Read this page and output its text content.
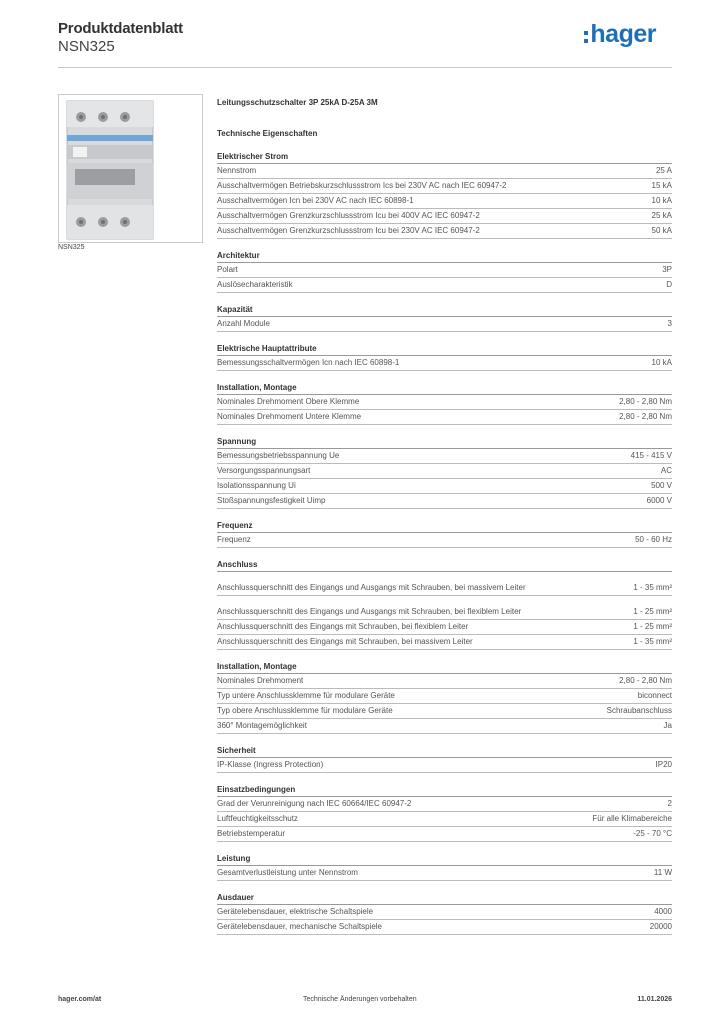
Produktdatenblatt
NSN325	hager
NSN325
Leitungsschutzschalter 3P 25kA D-25A 3M
Technische Eigenschaften
Elektrischer Strom
Nennstrom	25 A
Ausschaltvermögen Betriebskurzschlussstrom Ics bei 230V AC nach IEC 60947-2	15 kA
Ausschaltvermögen Icn bei 230V AC nach IEC 60898-1	10 kA
Ausschaltvermögen Grenzkurzschlussstrom Icu bei 400V AC IEC 60947-2	25 kA
Ausschaltvermögen Grenzkurzschlussstrom Icu bei 230V AC IEC 60947-2	50 kA
Architektur
Polart	3P
Auslösecharakteristik	D
Kapazität
Anzahl Module	3
Elektrische Hauptattribute
Bemessungsschaltvermögen Icn nach IEC 60898-1	10 kA
Installation, Montage
Nominales Drehmoment Obere Klemme	2,80 - 2,80 Nm
Nominales Drehmoment Untere Klemme	2,80 - 2,80 Nm
Spannung
Bemessungsbetriebsspannung Ue	415 - 415 V
Versorgungsspannungsart	AC
Isolationsspannung Ui	500 V
Stoßspannungsfestigkeit Uimp	6000 V
Frequenz
Frequenz	50 - 60 Hz
Anschluss
Anschlussquerschnitt des Eingangs und Ausgangs mit Schrauben, bei massivem Leiter	1 - 35 mm²
Anschlussquerschnitt des Eingangs und Ausgangs mit Schrauben, bei flexiblem Leiter	1 - 25 mm²
Anschlussquerschnitt des Eingangs mit Schrauben, bei flexiblem Leiter	1 - 25 mm²
Anschlussquerschnitt des Eingangs mit Schrauben, bei massivem Leiter	1 - 35 mm²
Installation, Montage
Nominales Drehmoment	2,80 - 2,80 Nm
Typ untere Anschlussklemme für modulare Geräte	biconnect
Typ obere Anschlussklemme für modulare Geräte	Schraubanschluss
360° Montagemöglichkeit	Ja
Sicherheit
IP-Klasse (Ingress Protection)	IP20
Einsatzbedingungen
Grad der Verunreinigung nach IEC 60664/IEC 60947-2	2
Luftfeuchtigkeitsschutz	Für alle Klimabereiche
Betriebstemperatur	-25 - 70 °C
Leistung
Gesamtverlustleistung unter Nennstrom	11 W
Ausdauer
Gerätelebensdauer, elektrische Schaltspiele	4000
Gerätelebensdauer, mechanische Schaltspiele	20000
hager.com/at	Technische Änderungen vorbehalten	11.01.2026
